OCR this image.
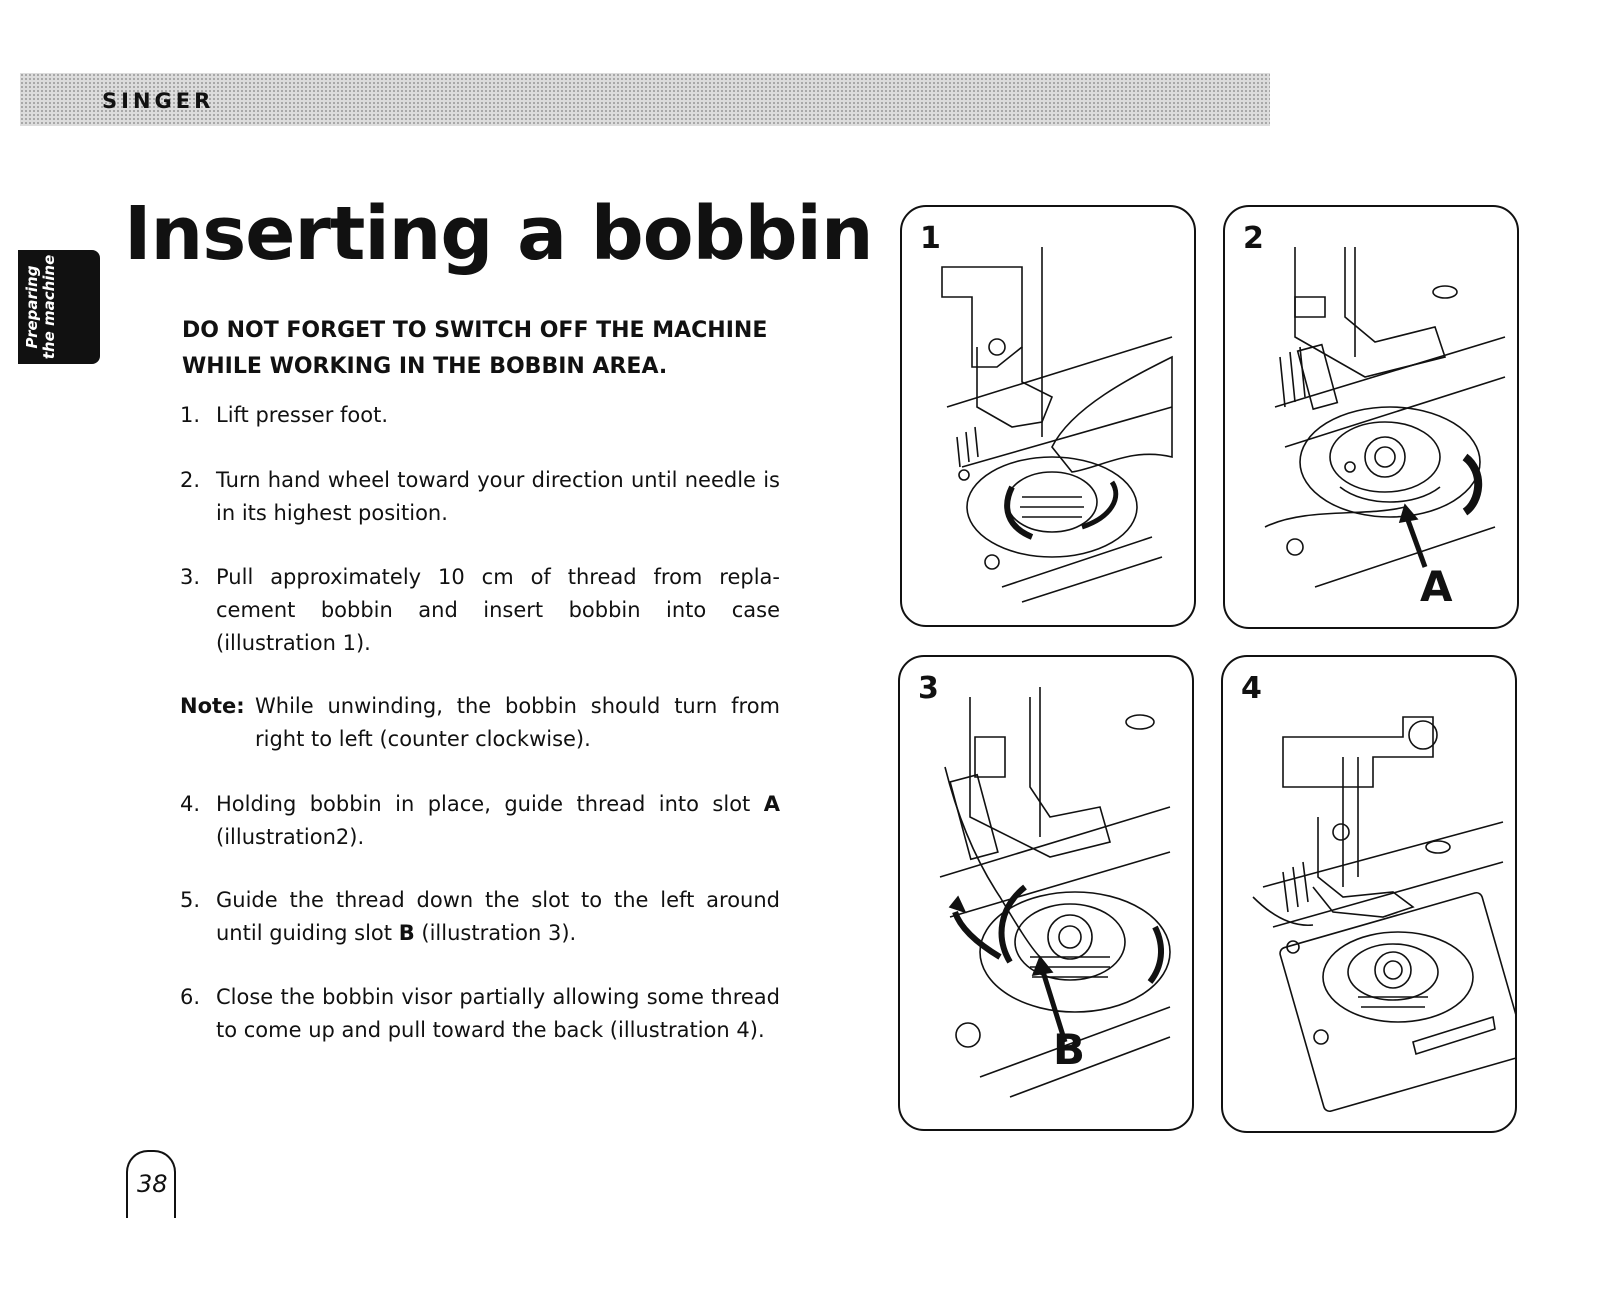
SINGER
Preparing the machine
Inserting a bobbin
DO NOT FORGET TO SWITCH OFF THE MACHINE
WHILE WORKING IN THE BOBBIN AREA.
1. Lift presser foot.
2. Turn hand wheel toward your direction until needle is in its highest position.
3. Pull approximately 10 cm of thread from repla-cement bobbin and insert bobbin into case (illustration 1).
Note: While unwinding, the bobbin should turn from right to left (counter clockwise).
4. Holding bobbin in place, guide thread into slot A (illustration2).
5. Guide the thread down the slot to the left around until guiding slot B (illustration 3).
6. Close the bobbin visor partially allowing some thread to come up and pull toward the back (illustration 4).
1	2
A
3
B
4
38
